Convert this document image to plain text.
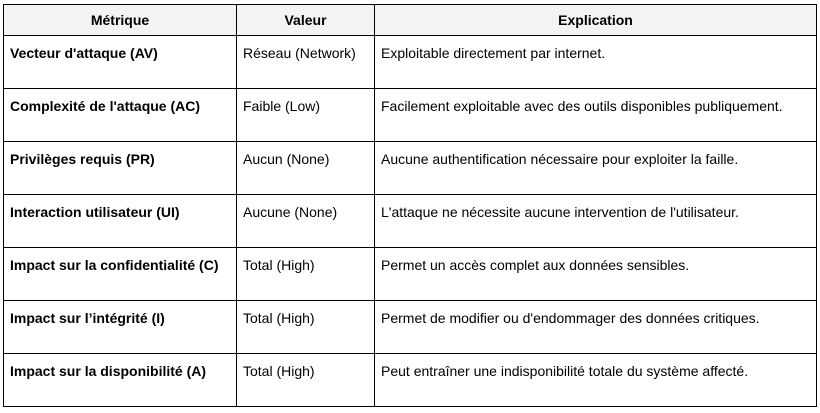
Métrique	Valeur	Explication
Vecteur d'attaque (AV)	Réseau (Network)	Exploitable directement par internet.
Complexité de l'attaque (AC)	Faible (Low)	Facilement exploitable avec des outils disponibles publiquement.
Privilèges requis (PR)	Aucun (None)	Aucune authentification nécessaire pour exploiter la faille.
Interaction utilisateur (UI)	Aucune (None)	L'attaque ne nécessite aucune intervention de l'utilisateur.
Impact sur la confidentialité (C)	Total (High)	Permet un accès complet aux données sensibles.
Impact sur l’intégrité (I)	Total (High)	Permet de modifier ou d'endommager des données critiques.
Impact sur la disponibilité (A)	Total (High)	Peut entraîner une indisponibilité totale du système affecté.
